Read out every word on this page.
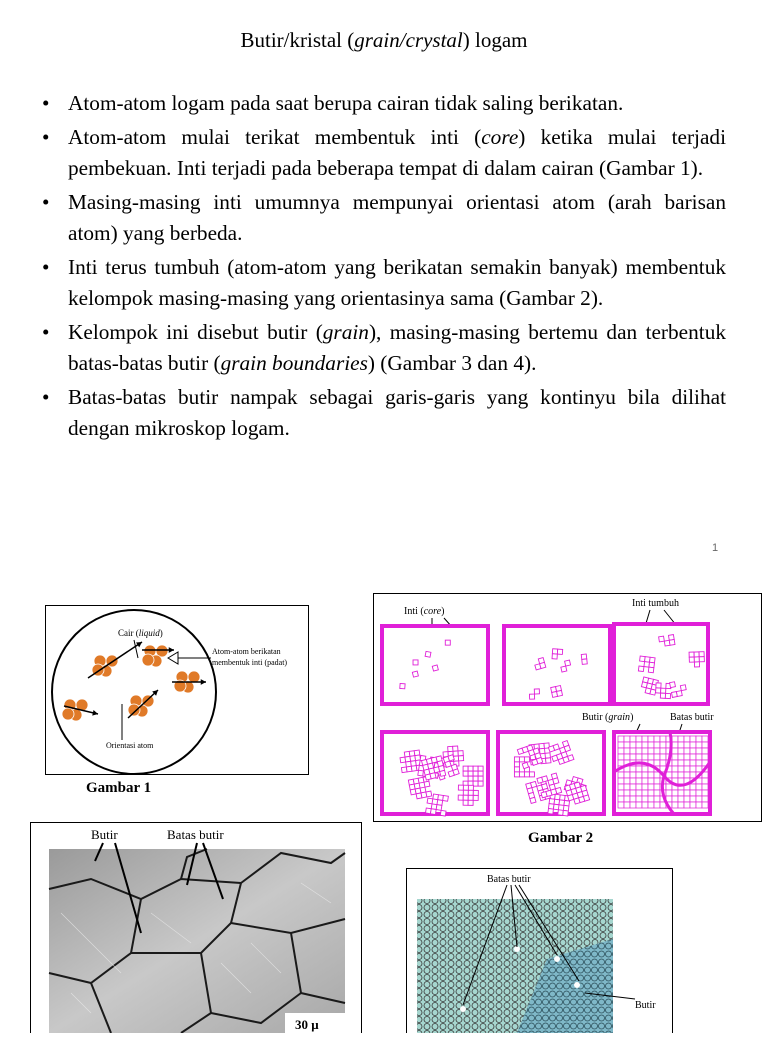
Butir/kristal (grain/crystal) logam
• Atom-atom logam pada saat berupa cairan tidak saling berikatan.
• Atom-atom mulai terikat membentuk inti (core) ketika mulai terjadi pembekuan. Inti terjadi pada beberapa tempat di dalam cairan (Gambar 1).
• Masing-masing inti umumnya mempunyai orientasi atom (arah barisan atom) yang berbeda.
• Inti terus tumbuh (atom-atom yang berikatan semakin banyak) membentuk kelompok masing-masing yang orientasinya sama (Gambar 2).
• Kelompok ini disebut butir (grain), masing-masing bertemu dan terbentuk batas-batas butir (grain boundaries) (Gambar 3 dan 4).
• Batas-batas butir nampak sebagai garis-garis yang kontinyu bila dilihat dengan mikroskop logam.
1
Cair (liquid)
Atom-atom berikatan
membentuk inti (padat)
Orientasi atom
Gambar 1
Inti (core)
Inti tumbuh
Butir (grain)	Batas butir
Gambar 2
Butir	Batas butir
30 μ
Batas butir
Butir
